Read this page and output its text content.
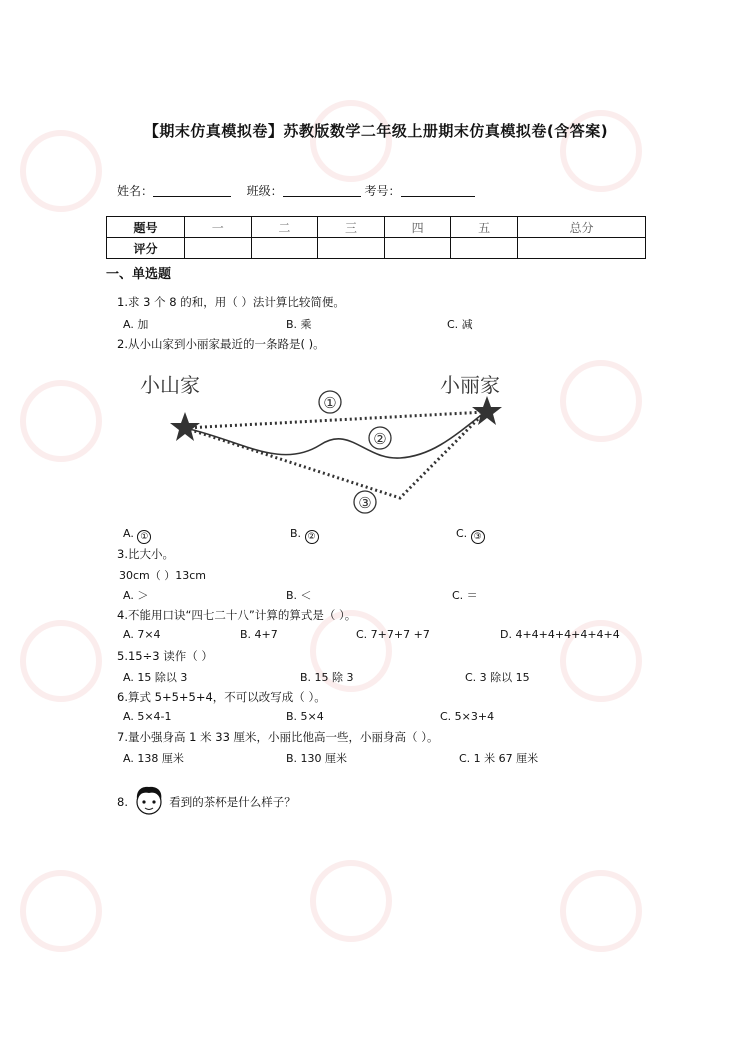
【期末仿真模拟卷】苏教版数学二年级上册期末仿真模拟卷(含答案)
姓名：	班级：	考号：
题号	一	二	三	四	五	总分
评分						
一、单选题
1.求 3 个 8 的和，用（ ）法计算比较简便。
A. 加	B. 乘	C. 减
2.从小山家到小丽家最近的一条路是( )。
小山家	小丽家
①
②
③
A. ①	B. ②	C. ③
3.比大小。
30cm（ ）13cm
A. ＞	B. ＜	C. ＝
4.不能用口诀“四七二十八”计算的算式是（ ）。
A. 7×4	B. 4+7	C. 7+7+7 +7	D. 4+4+4+4+4+4+4
5.15÷3 读作（ ）
A. 15 除以 3	B. 15 除 3	C. 3 除以 15
6.算式 5+5+5+4，不可以改写成（ ）。
A. 5×4-1	B. 5×4	C. 5×3+4
7.量小强身高 1 米 33 厘米，小丽比他高一些，小丽身高（ ）。
A. 138 厘米	B. 130 厘米	C. 1 米 67 厘米
8.	看到的茶杯是什么样子？
